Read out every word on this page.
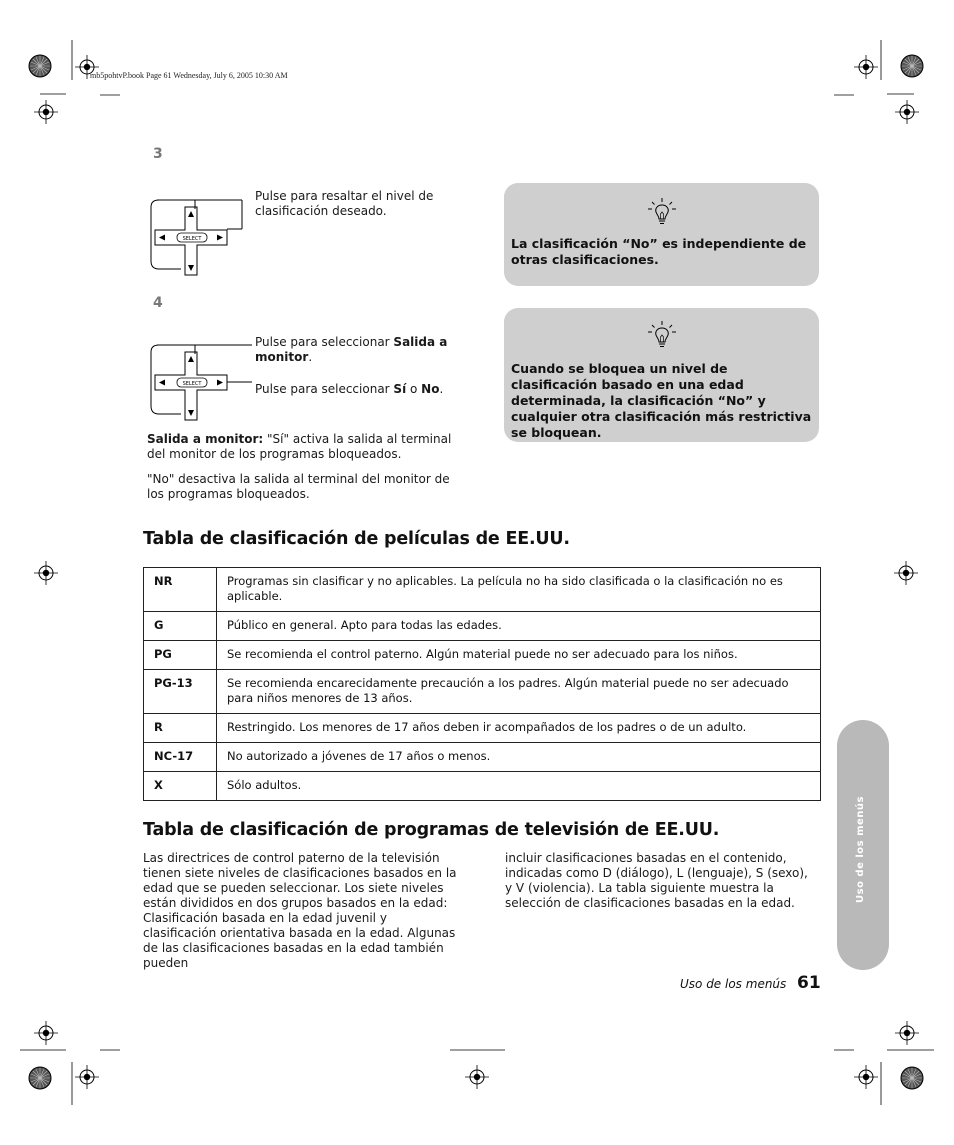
mb5pohtvP.book Page 61 Wednesday, July 6, 2005 10:30 AM
3
SELECT
Pulse para resaltar el nivel de clasificación deseado.
4
SELECT
Pulse para seleccionar Salida a monitor.
Pulse para seleccionar Sí o No.
Salida a monitor: "Sí" activa la salida al terminal del monitor de los programas bloqueados.
"No" desactiva la salida al terminal del monitor de los programas bloqueados.
La clasificación “No” es independiente de otras clasificaciones.
Cuando se bloquea un nivel de clasificación basado en una edad determinada, la clasificación “No” y cualquier otra clasificación más restrictiva se bloquean.
Tabla de clasificación de películas de EE.UU.
NR	Programas sin clasificar y no aplicables. La película no ha sido clasificada o la clasificación no es aplicable.
G	Público en general. Apto para todas las edades.
PG	Se recomienda el control paterno. Algún material puede no ser adecuado para los niños.
PG-13	Se recomienda encarecidamente precaución a los padres. Algún material puede no ser adecuado para niños menores de 13 años.
R	Restringido. Los menores de 17 años deben ir acompañados de los padres o de un adulto.
NC-17	No autorizado a jóvenes de 17 años o menos.
X	Sólo adultos.
Tabla de clasificación de programas de televisión de EE.UU.
Las directrices de control paterno de la televisión tienen siete niveles de clasificaciones basados en la edad que se pueden seleccionar. Los siete niveles están divididos en dos grupos basados en la edad: Clasificación basada en la edad juvenil y clasificación orientativa basada en la edad. Algunas de las clasificaciones basadas en la edad también pueden
incluir clasificaciones basadas en el contenido, indicadas como D (diálogo), L (lenguaje), S (sexo), y V (violencia). La tabla siguiente muestra la selección de clasificaciones basadas en la edad.	Uso de los menús
Uso de los menús 61
